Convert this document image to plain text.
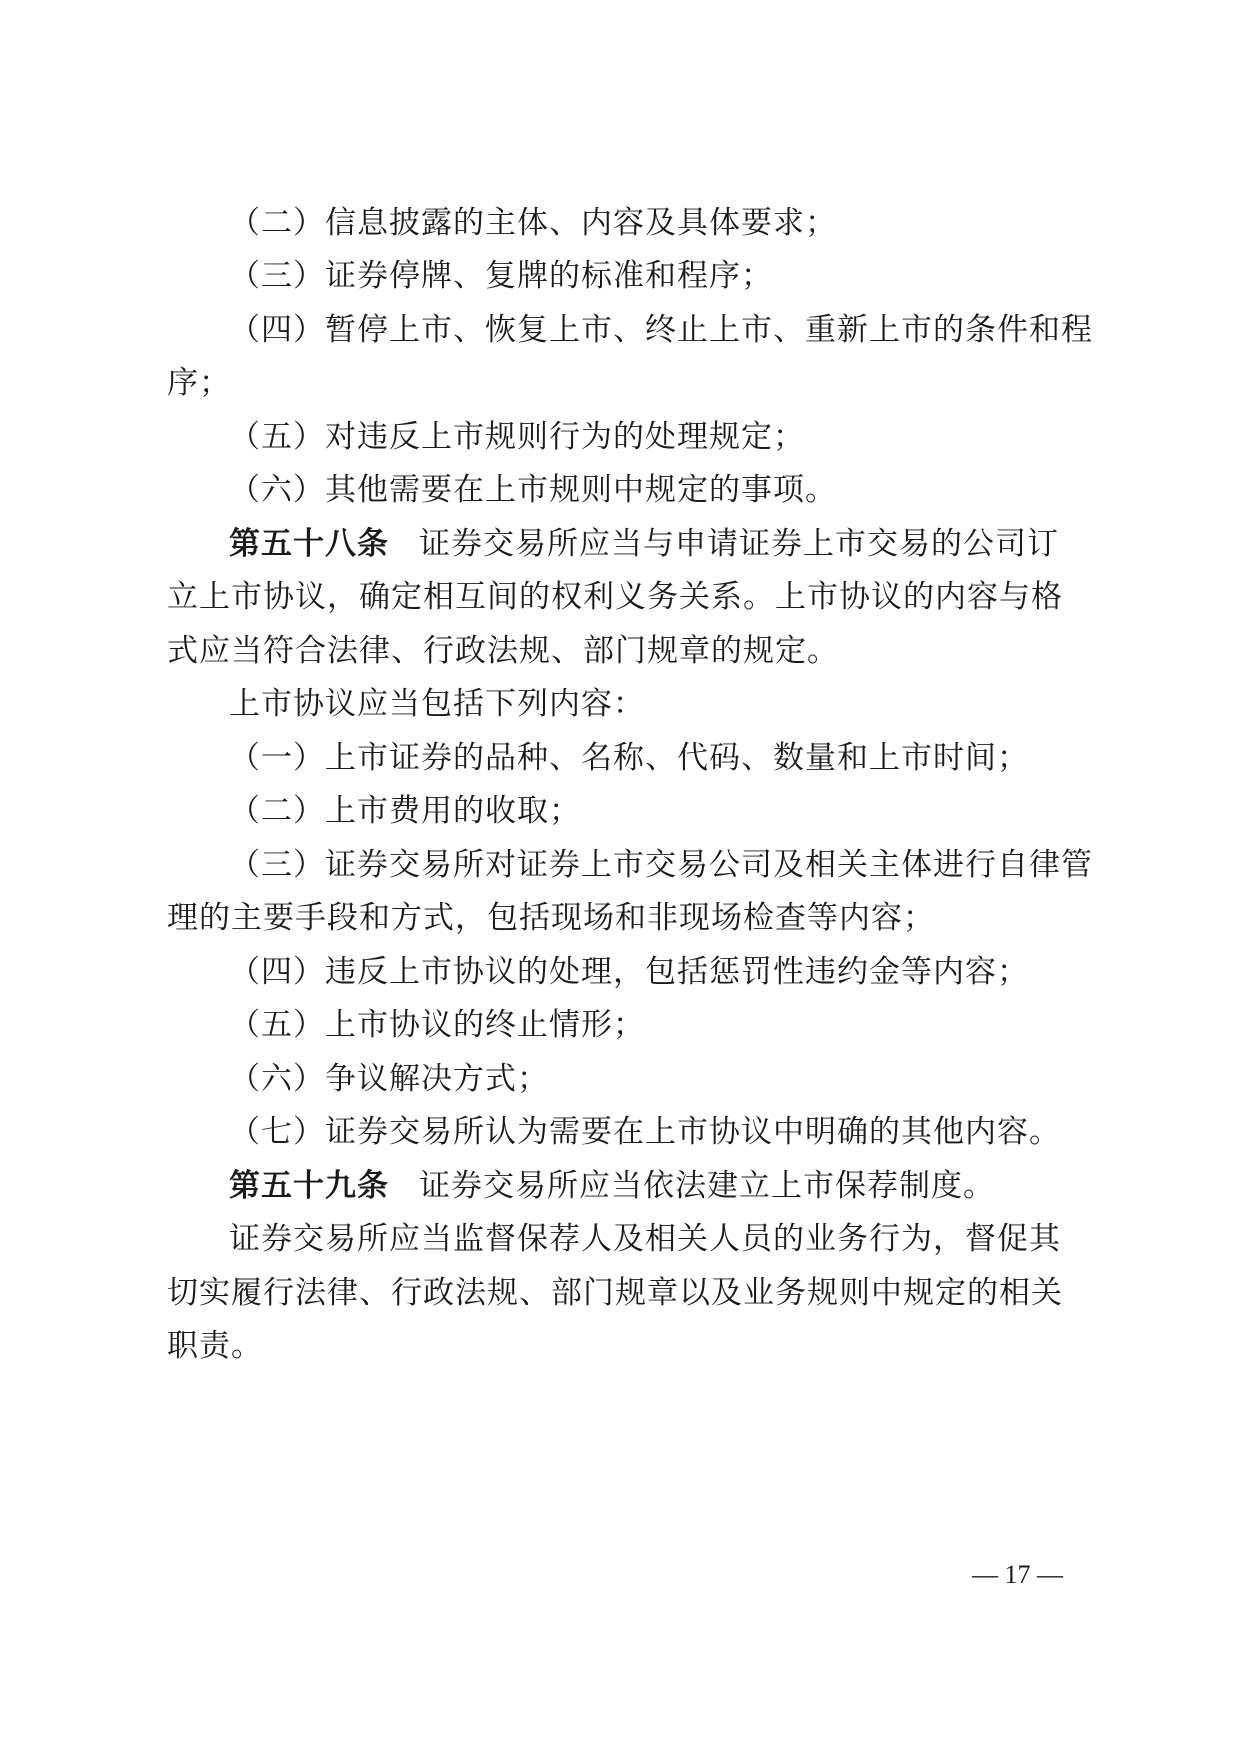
（二）信息披露的主体、内容及具体要求；
（三）证券停牌、复牌的标准和程序；
（四）暂停上市、恢复上市、终止上市、重新上市的条件和程
序；
（五）对违反上市规则行为的处理规定；
（六）其他需要在上市规则中规定的事项。
第五十八条 证券交易所应当与申请证券上市交易的公司订
立上市协议，确定相互间的权利义务关系。上市协议的内容与格
式应当符合法律、行政法规、部门规章的规定。
上市协议应当包括下列内容：
（一）上市证券的品种、名称、代码、数量和上市时间；
（二）上市费用的收取；
（三）证券交易所对证券上市交易公司及相关主体进行自律管
理的主要手段和方式，包括现场和非现场检查等内容；
（四）违反上市协议的处理，包括惩罚性违约金等内容；
（五）上市协议的终止情形；
（六）争议解决方式；
（七）证券交易所认为需要在上市协议中明确的其他内容。
第五十九条 证券交易所应当依法建立上市保荐制度。
证券交易所应当监督保荐人及相关人员的业务行为，督促其
切实履行法律、行政法规、部门规章以及业务规则中规定的相关
职责。
— 17 —
